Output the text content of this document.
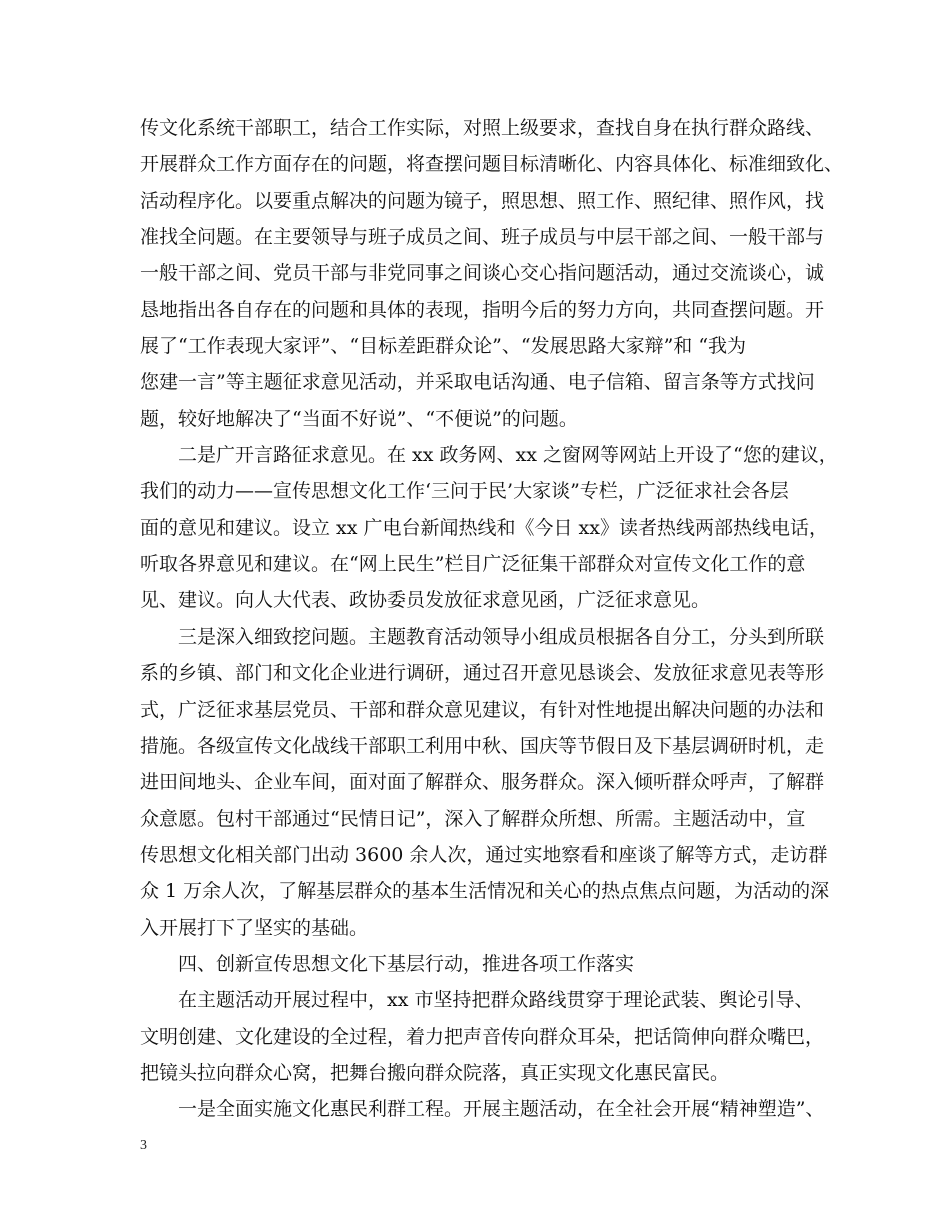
传文化系统干部职工，结合工作实际，对照上级要求，查找自身在执行群众路线、
开展群众工作方面存在的问题，将查摆问题目标清晰化、内容具体化、标准细致化、
活动程序化。以要重点解决的问题为镜子，照思想、照工作、照纪律、照作风，找
准找全问题。在主要领导与班子成员之间、班子成员与中层干部之间、一般干部与
一般干部之间、党员干部与非党同事之间谈心交心指问题活动，通过交流谈心，诚
恳地指出各自存在的问题和具体的表现，指明今后的努力方向，共同查摆问题。开
展了“工作表现大家评”、“目标差距群众论”、“发展思路大家辩”和 “我为
您建一言”等主题征求意见活动，并采取电话沟通、电子信箱、留言条等方式找问
题，较好地解决了“当面不好说”、“不便说”的问题。
二是广开言路征求意见。在 xx 政务网、xx 之窗网等网站上开设了“您的建议，
我们的动力——宣传思想文化工作‘三问于民’大家谈”专栏，广泛征求社会各层
面的意见和建议。设立 xx 广电台新闻热线和《今日 xx》读者热线两部热线电话，
听取各界意见和建议。在“网上民生”栏目广泛征集干部群众对宣传文化工作的意
见、建议。向人大代表、政协委员发放征求意见函，广泛征求意见。
三是深入细致挖问题。主题教育活动领导小组成员根据各自分工，分头到所联
系的乡镇、部门和文化企业进行调研，通过召开意见恳谈会、发放征求意见表等形
式，广泛征求基层党员、干部和群众意见建议，有针对性地提出解决问题的办法和
措施。各级宣传文化战线干部职工利用中秋、国庆等节假日及下基层调研时机，走
进田间地头、企业车间，面对面了解群众、服务群众。深入倾听群众呼声，了解群
众意愿。包村干部通过“民情日记”，深入了解群众所想、所需。主题活动中，宣
传思想文化相关部门出动 3600 余人次，通过实地察看和座谈了解等方式，走访群
众 1 万余人次，了解基层群众的基本生活情况和关心的热点焦点问题，为活动的深
入开展打下了坚实的基础。
四、创新宣传思想文化下基层行动，推进各项工作落实
在主题活动开展过程中，xx 市坚持把群众路线贯穿于理论武装、舆论引导、
文明创建、文化建设的全过程，着力把声音传向群众耳朵，把话筒伸向群众嘴巴，
把镜头拉向群众心窝，把舞台搬向群众院落，真正实现文化惠民富民。
一是全面实施文化惠民利群工程。开展主题活动，在全社会开展“精神塑造”、
3
